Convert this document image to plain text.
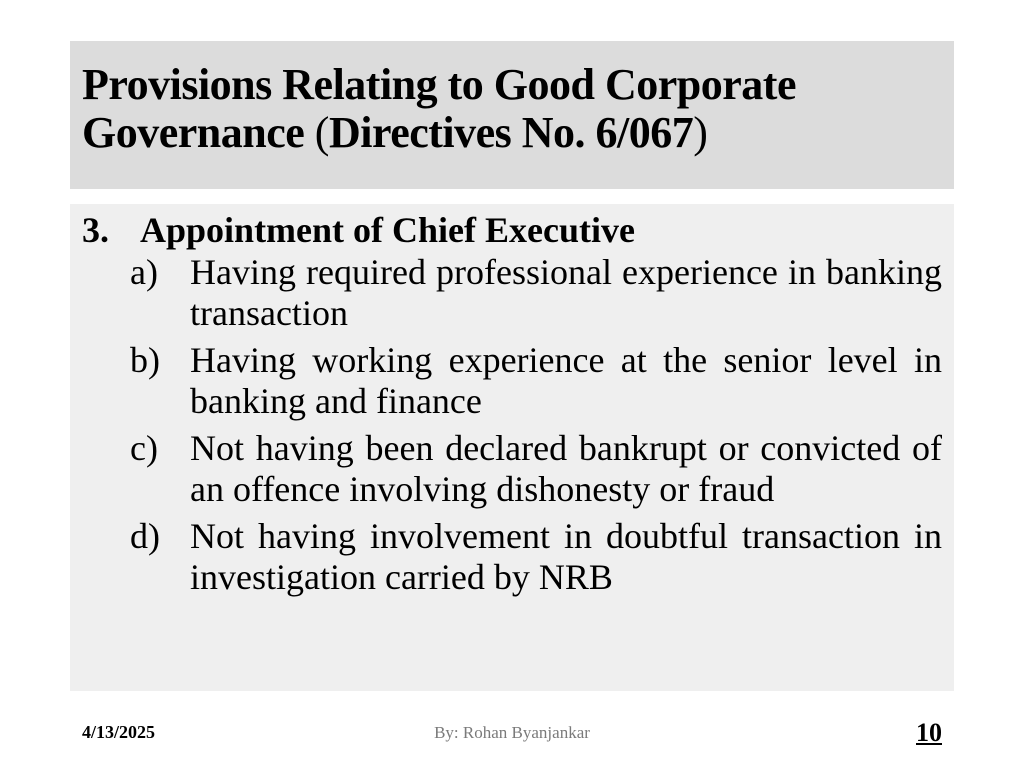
Provisions Relating to Good Corporate Governance (Directives No. 6/067)
3. Appointment of Chief Executive
a) Having required professional experience in banking transaction
b) Having working experience at the senior level in banking and finance
c) Not having been declared bankrupt or convicted of an offence involving dishonesty or fraud
d) Not having involvement in doubtful transaction in investigation carried by NRB
4/13/2025	By: Rohan Byanjankar	10
